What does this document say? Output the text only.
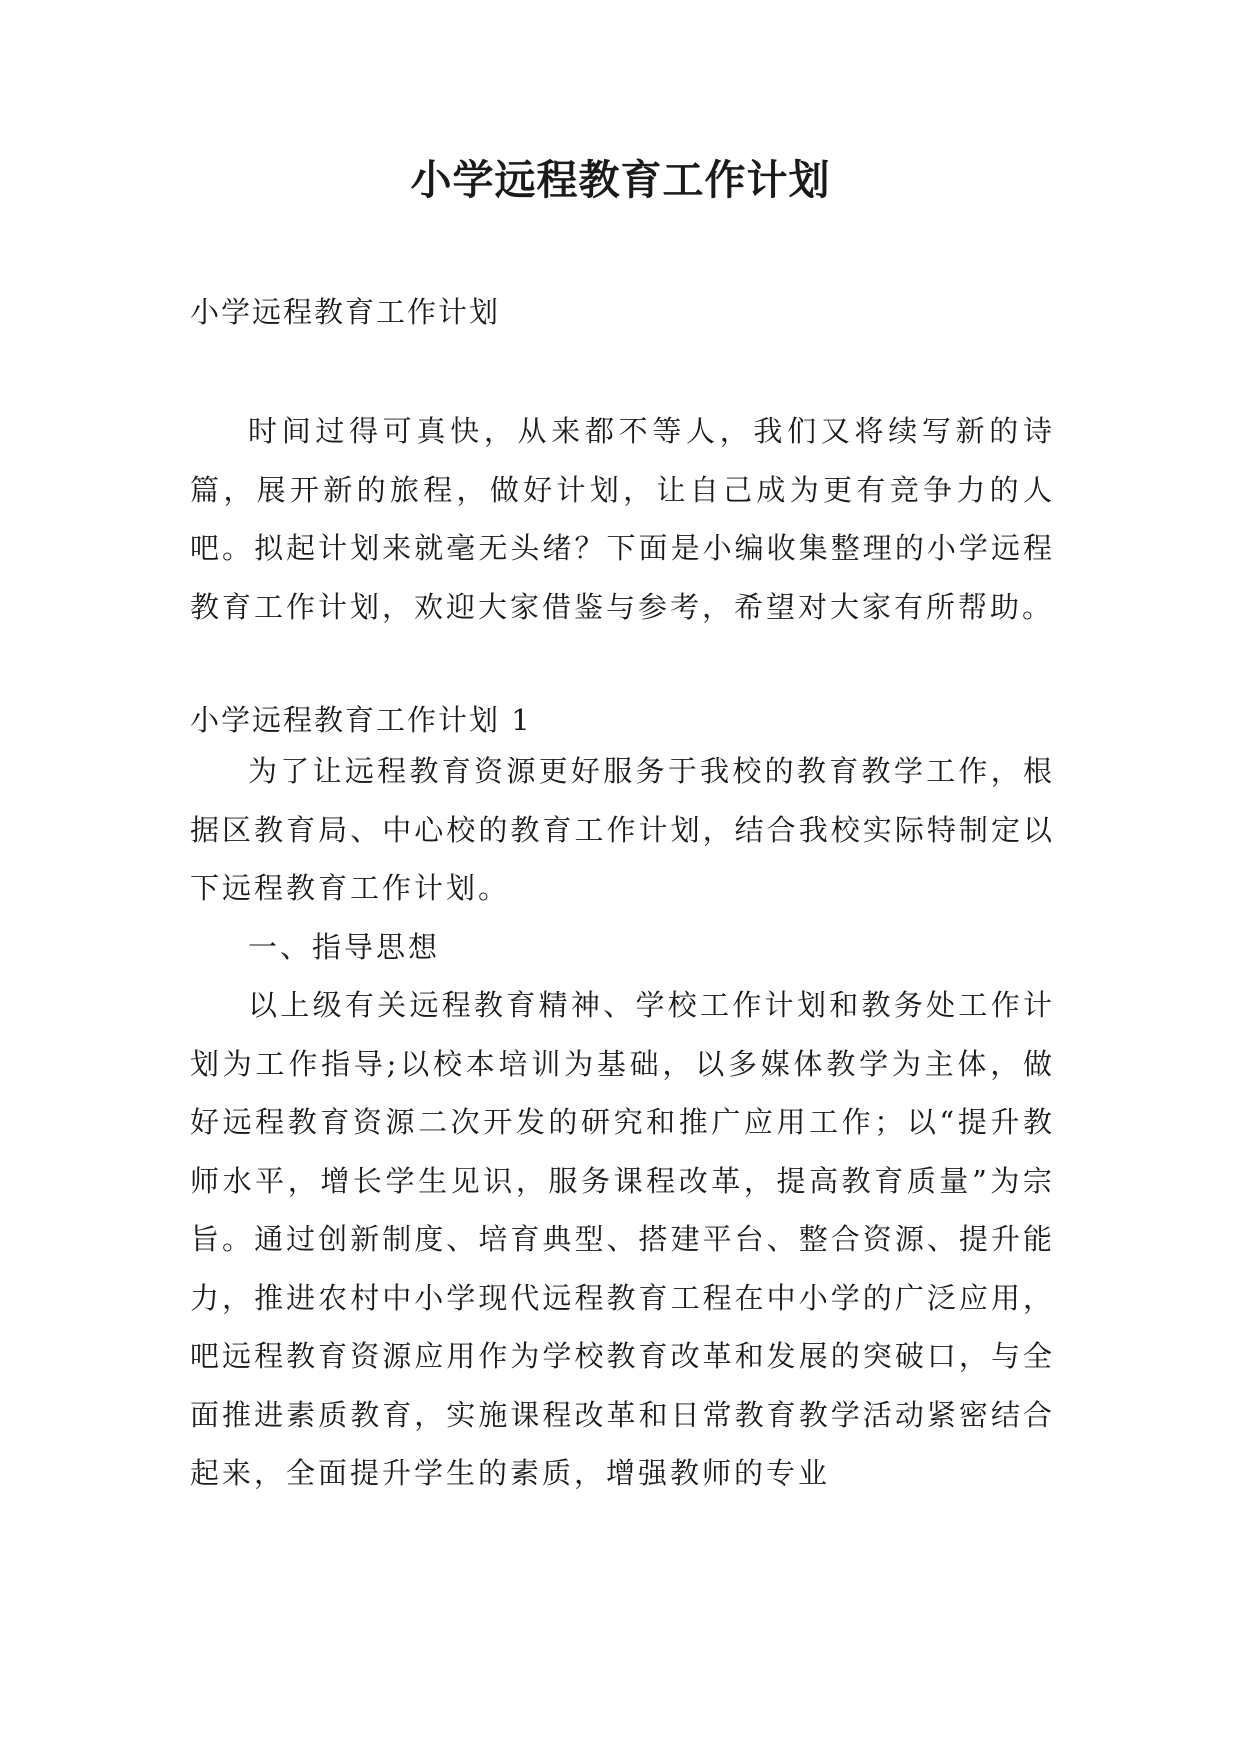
小学远程教育工作计划

小学远程教育工作计划

时间过得可真快，从来都不等人，我们又将续写新的诗篇，展开新的旅程，做好计划，让自己成为更有竞争力的人吧。拟起计划来就毫无头绪？下面是小编收集整理的小学远程教育工作计划，欢迎大家借鉴与参考，希望对大家有所帮助。

小学远程教育工作计划 1

为了让远程教育资源更好服务于我校的教育教学工作，根据区教育局、中心校的教育工作计划，结合我校实际特制定以下远程教育工作计划。

一、指导思想

以上级有关远程教育精神、学校工作计划和教务处工作计划为工作指导;以校本培训为基础，以多媒体教学为主体，做好远程教育资源二次开发的研究和推广应用工作；以“提升教师水平，增长学生见识，服务课程改革，提高教育质量”为宗旨。通过创新制度、培育典型、搭建平台、整合资源、提升能力，推进农村中小学现代远程教育工程在中小学的广泛应用，吧远程教育资源应用作为学校教育改革和发展的突破口，与全面推进素质教育，实施课程改革和日常教育教学活动紧密结合起来，全面提升学生的素质，增强教师的专业
